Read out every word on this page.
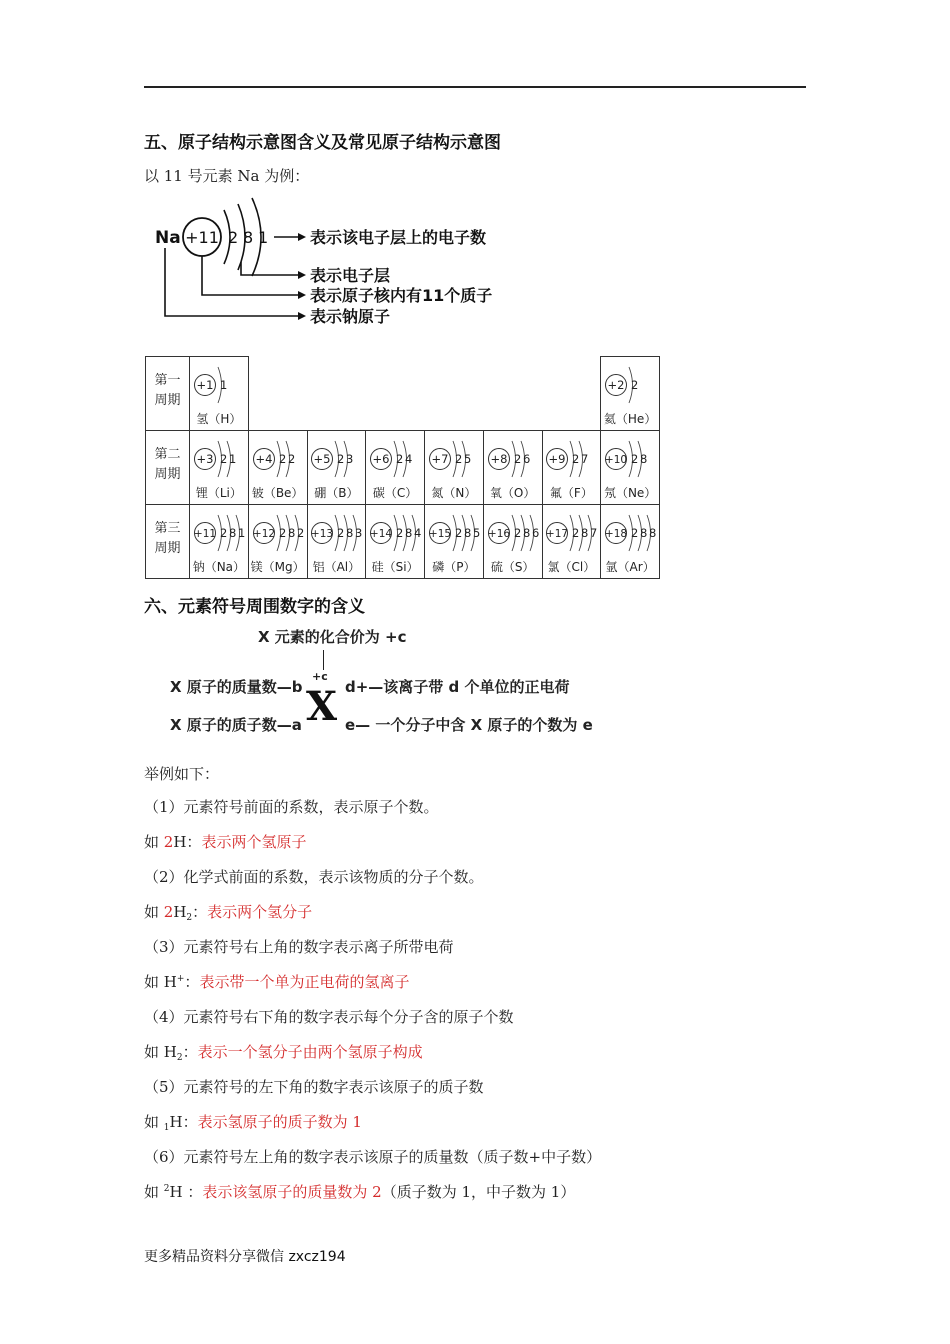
五、原子结构示意图含义及常见原子结构示意图
以 11 号元素 Na 为例：
Na +11 2 8 1	表示该电子层上的电子数
表示电子层
表示原子核内有11个质子
表示钠原子
第一周期
+1 1
氢（H）
+2 2
氦（He）
第二周期
+3 2 1
锂（Li）
+4 2 2
铍（Be）
+5 2 3
硼（B）
+6 2 4
碳（C）
+7 2 5
氮（N）
+8 2 6
氧（O）
+9 2 7
氟（F）
+10 2 8
氖（Ne）
第三周期
+11 2 8 1
钠（Na）
+12 2 8 2
镁（Mg）
+13 2 8 3
铝（Al）
+14 2 8 4
硅（Si）
+15 2 8 5
磷（P）
+16 2 8 6
硫（S）
+17 2 8 7
氯（Cl）
+18 2 8 8
氩（Ar）
六、元素符号周围数字的含义
X 元素的化合价为 +c
+c
X 原子的质量数—b	d+—该离子带 d 个单位的正电荷
X 原子的质子数—a X e— 一个分子中含 X 原子的个数为 e
举例如下：
（1）元素符号前面的系数，表示原子个数。
如 2H：表示两个氢原子
（2）化学式前面的系数，表示该物质的分子个数。
如 $2H_2$：表示两个氢分子
（3）元素符号右上角的数字表示离子所带电荷
如 H+：表示带一个单为正电荷的氢离子
（4）元素符号右下角的数字表示每个分子含的原子个数
如 $H_2$：表示一个氢分子由两个氢原子构成
（5）元素符号的左下角的数字表示该原子的质子数
如 $_1$H：表示氢原子的质子数为 1
（6）元素符号左上角的数字表示该原子的质量数（质子数+中子数）
如 $^2$H ：表示该氢原子的质量数为 2（质子数为 1，中子数为 1）
更多精品资料分享微信 zxcz194
